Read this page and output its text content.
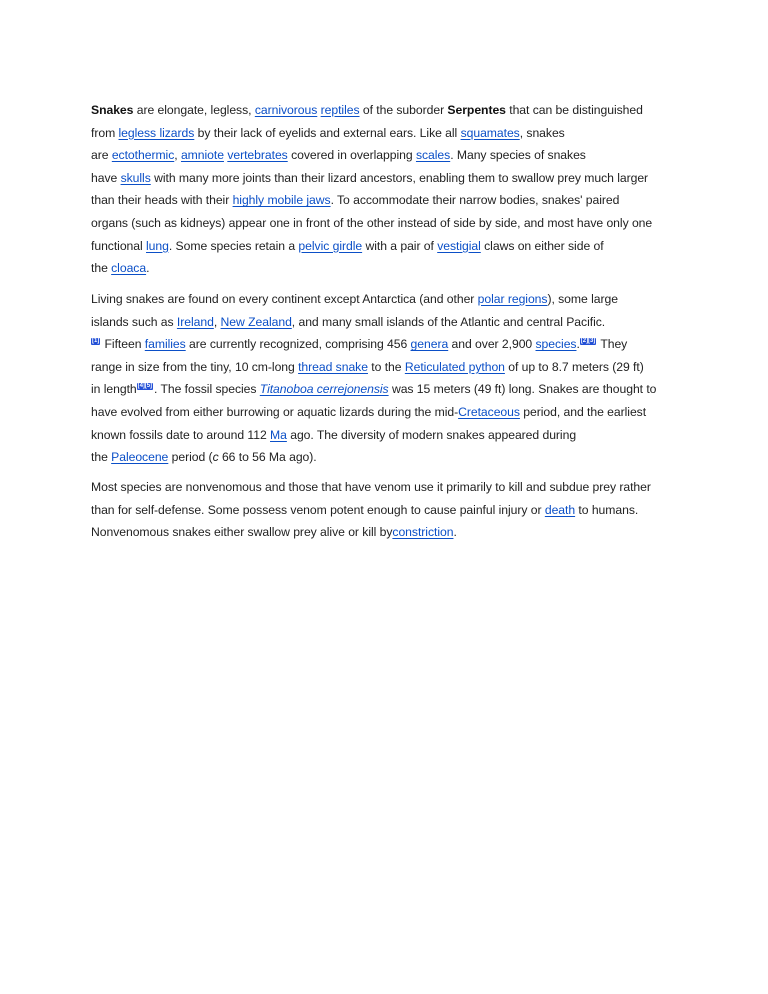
Snakes are elongate, legless, carnivorous reptiles of the suborder Serpentes that can be distinguished
from legless lizards by their lack of eyelids and external ears. Like all squamates, snakes
are ectothermic, amniote vertebrates covered in overlapping scales. Many species of snakes
have skulls with many more joints than their lizard ancestors, enabling them to swallow prey much larger
than their heads with their highly mobile jaws. To accommodate their narrow bodies, snakes' paired
organs (such as kidneys) appear one in front of the other instead of side by side, and most have only one
functional lung. Some species retain a pelvic girdle with a pair of vestigial claws on either side of
the cloaca.
Living snakes are found on every continent except Antarctica (and other polar regions), some large
islands such as Ireland, New Zealand, and many small islands of the Atlantic and central Pacific.
[1] Fifteen families are currently recognized, comprising 456 genera and over 2,900 species.[2][3] They
range in size from the tiny, 10 cm-long thread snake to the Reticulated python of up to 8.7 meters (29 ft)
in length[4][5] . The fossil species Titanoboa cerrejonensis was 15 meters (49 ft) long. Snakes are thought to
have evolved from either burrowing or aquatic lizards during the mid-Cretaceous period, and the earliest
known fossils date to around 112 Ma ago. The diversity of modern snakes appeared during
the Paleocene period (c 66 to 56 Ma ago).
Most species are nonvenomous and those that have venom use it primarily to kill and subdue prey rather
than for self-defense. Some possess venom potent enough to cause painful injury or death to humans.
Nonvenomous snakes either swallow prey alive or kill byconstriction.
